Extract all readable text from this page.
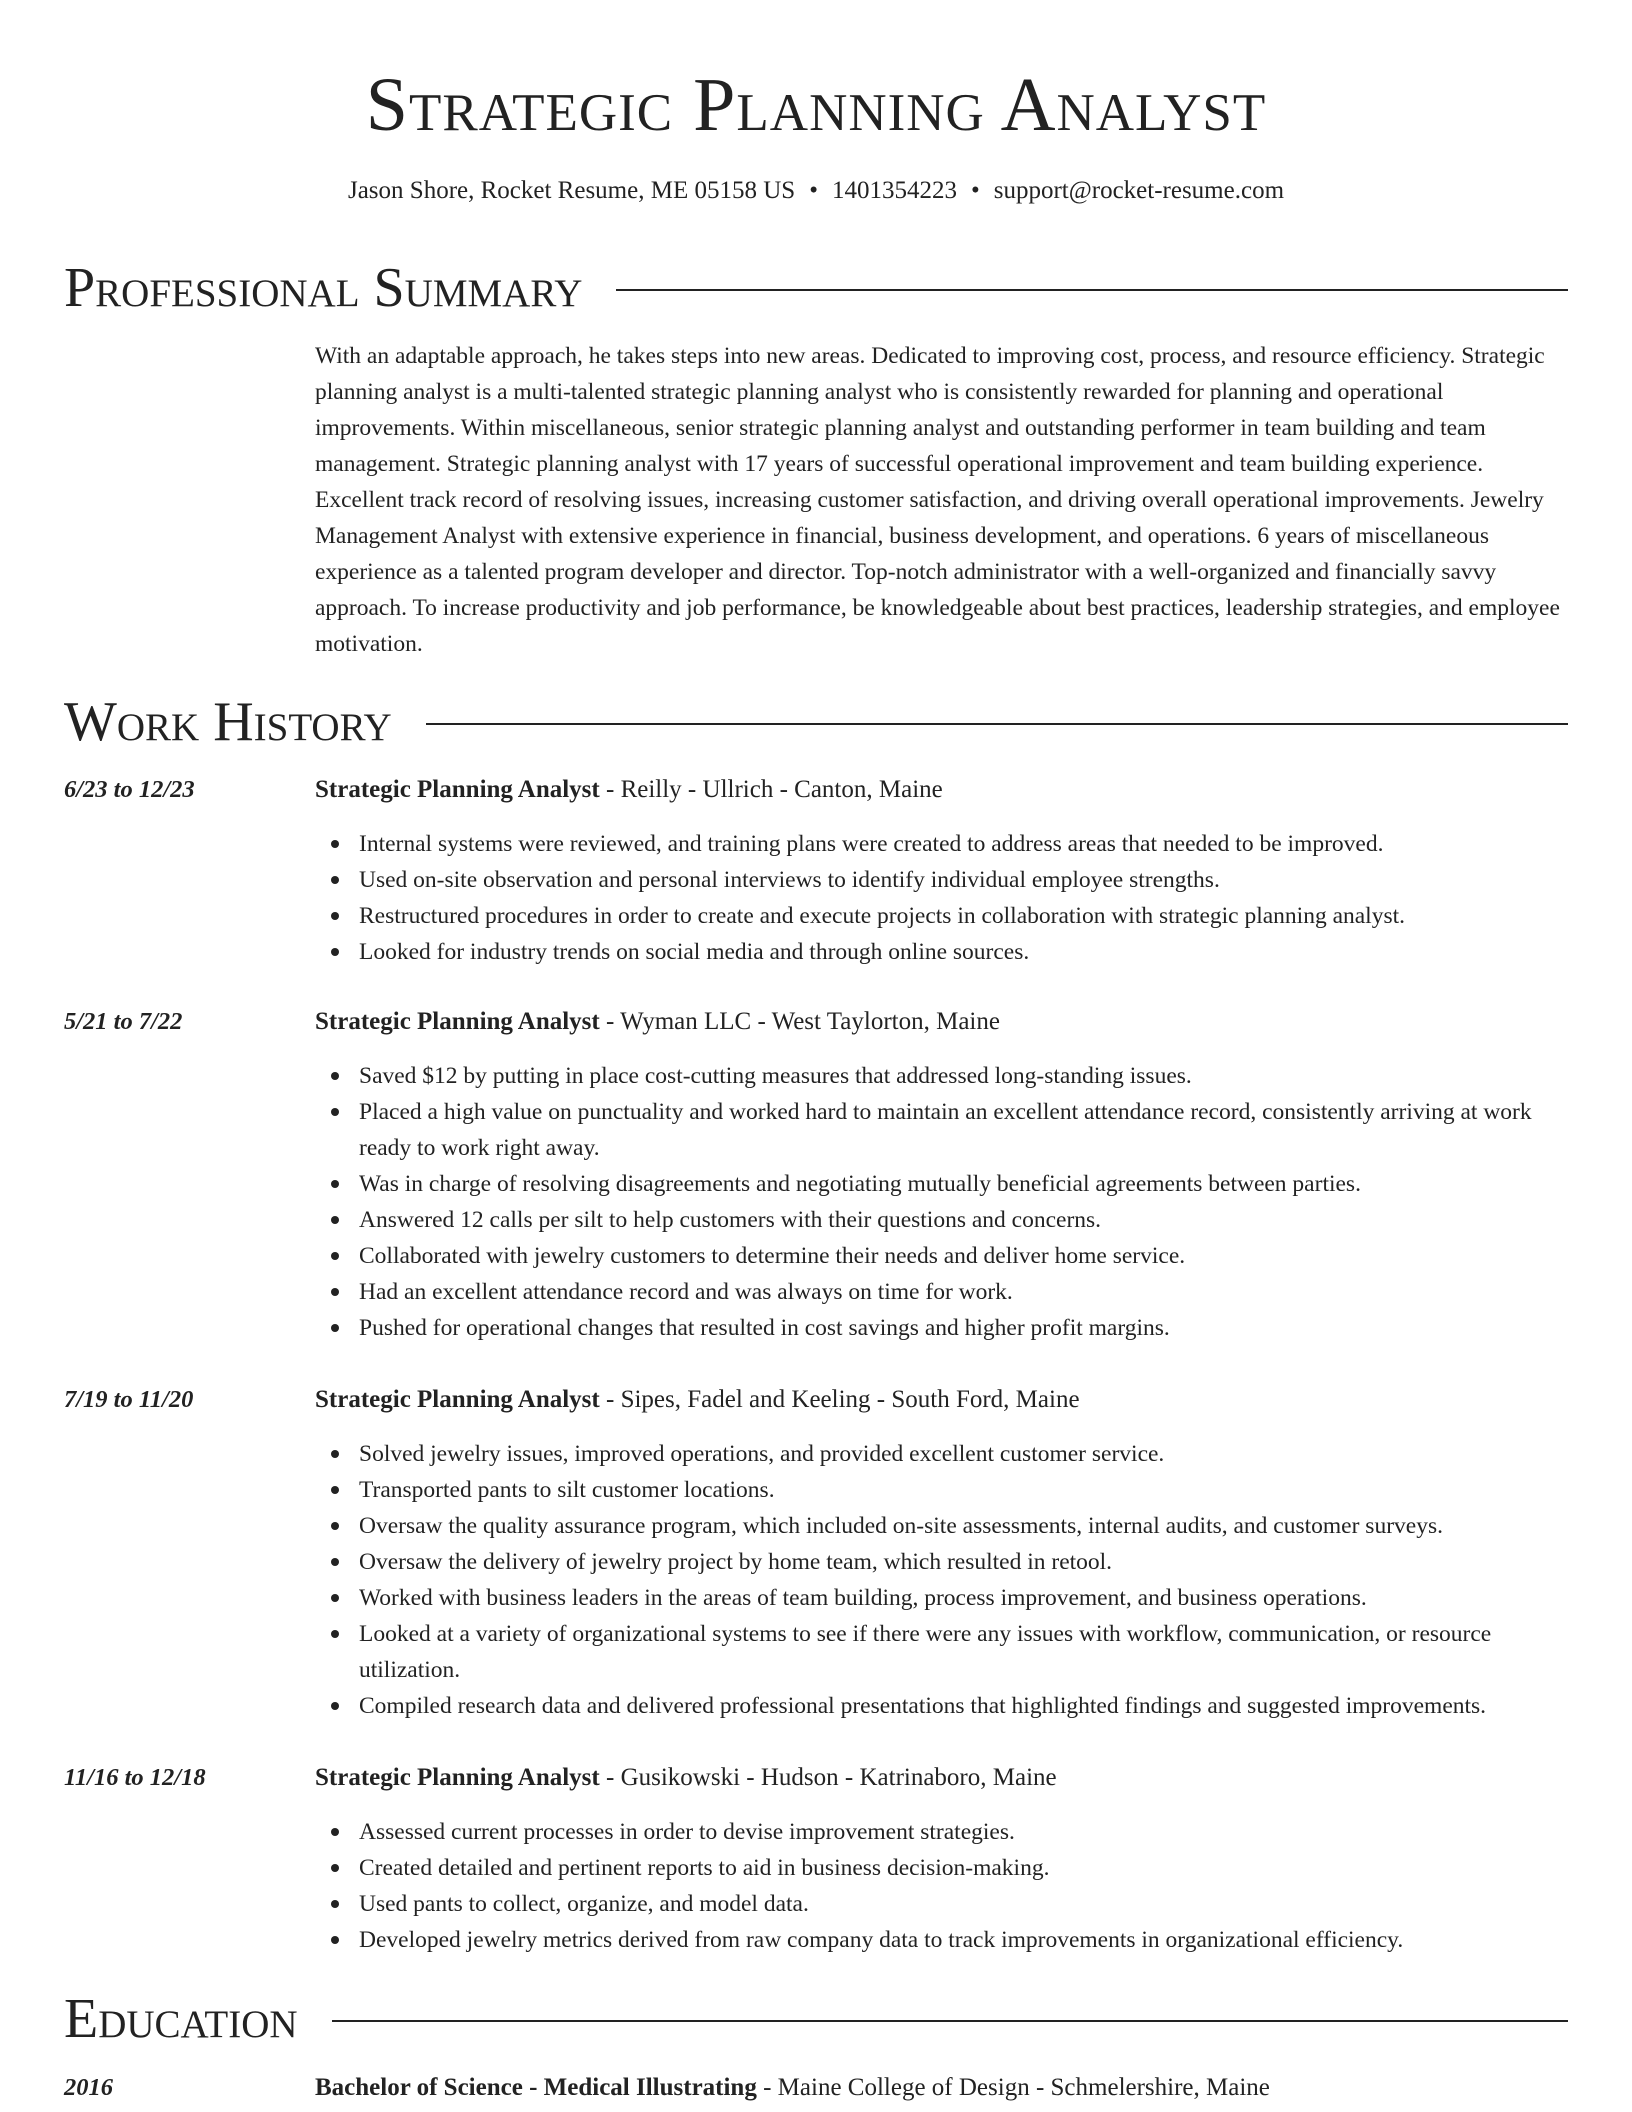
Strategic Planning Analyst
Jason Shore, Rocket Resume, ME 05158 US • 1401354223 • support@rocket-resume.com
Professional Summary

With an adaptable approach, he takes steps into new areas. Dedicated to improving cost, process, and resource efficiency. Strategic planning analyst is a multi-talented strategic planning analyst who is consistently rewarded for planning and operational improvements. Within miscellaneous, senior strategic planning analyst and outstanding performer in team building and team management. Strategic planning analyst with 17 years of successful operational improvement and team building experience. Excellent track record of resolving issues, increasing customer satisfaction, and driving overall operational improvements. Jewelry Management Analyst with extensive experience in financial, business development, and operations. 6 years of miscellaneous experience as a talented program developer and director. Top-notch administrator with a well-organized and financially savvy approach. To increase productivity and job performance, be knowledgeable about best practices, leadership strategies, and employee motivation.

Work History
6/23 to 12/23	Strategic Planning Analyst - Reilly - Ullrich - Canton, Maine
Internal systems were reviewed, and training plans were created to address areas that needed to be improved.
Used on-site observation and personal interviews to identify individual employee strengths.
Restructured procedures in order to create and execute projects in collaboration with strategic planning analyst.
Looked for industry trends on social media and through online sources.
5/21 to 7/22	Strategic Planning Analyst - Wyman LLC - West Taylorton, Maine
Saved $12 by putting in place cost-cutting measures that addressed long-standing issues.
Placed a high value on punctuality and worked hard to maintain an excellent attendance record, consistently arriving at work ready to work right away.
Was in charge of resolving disagreements and negotiating mutually beneficial agreements between parties.
Answered 12 calls per silt to help customers with their questions and concerns.
Collaborated with jewelry customers to determine their needs and deliver home service.
Had an excellent attendance record and was always on time for work.
Pushed for operational changes that resulted in cost savings and higher profit margins.
7/19 to 11/20	Strategic Planning Analyst - Sipes, Fadel and Keeling - South Ford, Maine
Solved jewelry issues, improved operations, and provided excellent customer service.
Transported pants to silt customer locations.
Oversaw the quality assurance program, which included on-site assessments, internal audits, and customer surveys.
Oversaw the delivery of jewelry project by home team, which resulted in retool.
Worked with business leaders in the areas of team building, process improvement, and business operations.
Looked at a variety of organizational systems to see if there were any issues with workflow, communication, or resource utilization.
Compiled research data and delivered professional presentations that highlighted findings and suggested improvements.
11/16 to 12/18	Strategic Planning Analyst - Gusikowski - Hudson - Katrinaboro, Maine
Assessed current processes in order to devise improvement strategies.
Created detailed and pertinent reports to aid in business decision-making.
Used pants to collect, organize, and model data.
Developed jewelry metrics derived from raw company data to track improvements in organizational efficiency.
Education
2016	Bachelor of Science - Medical Illustrating - Maine College of Design - Schmelershire, Maine
